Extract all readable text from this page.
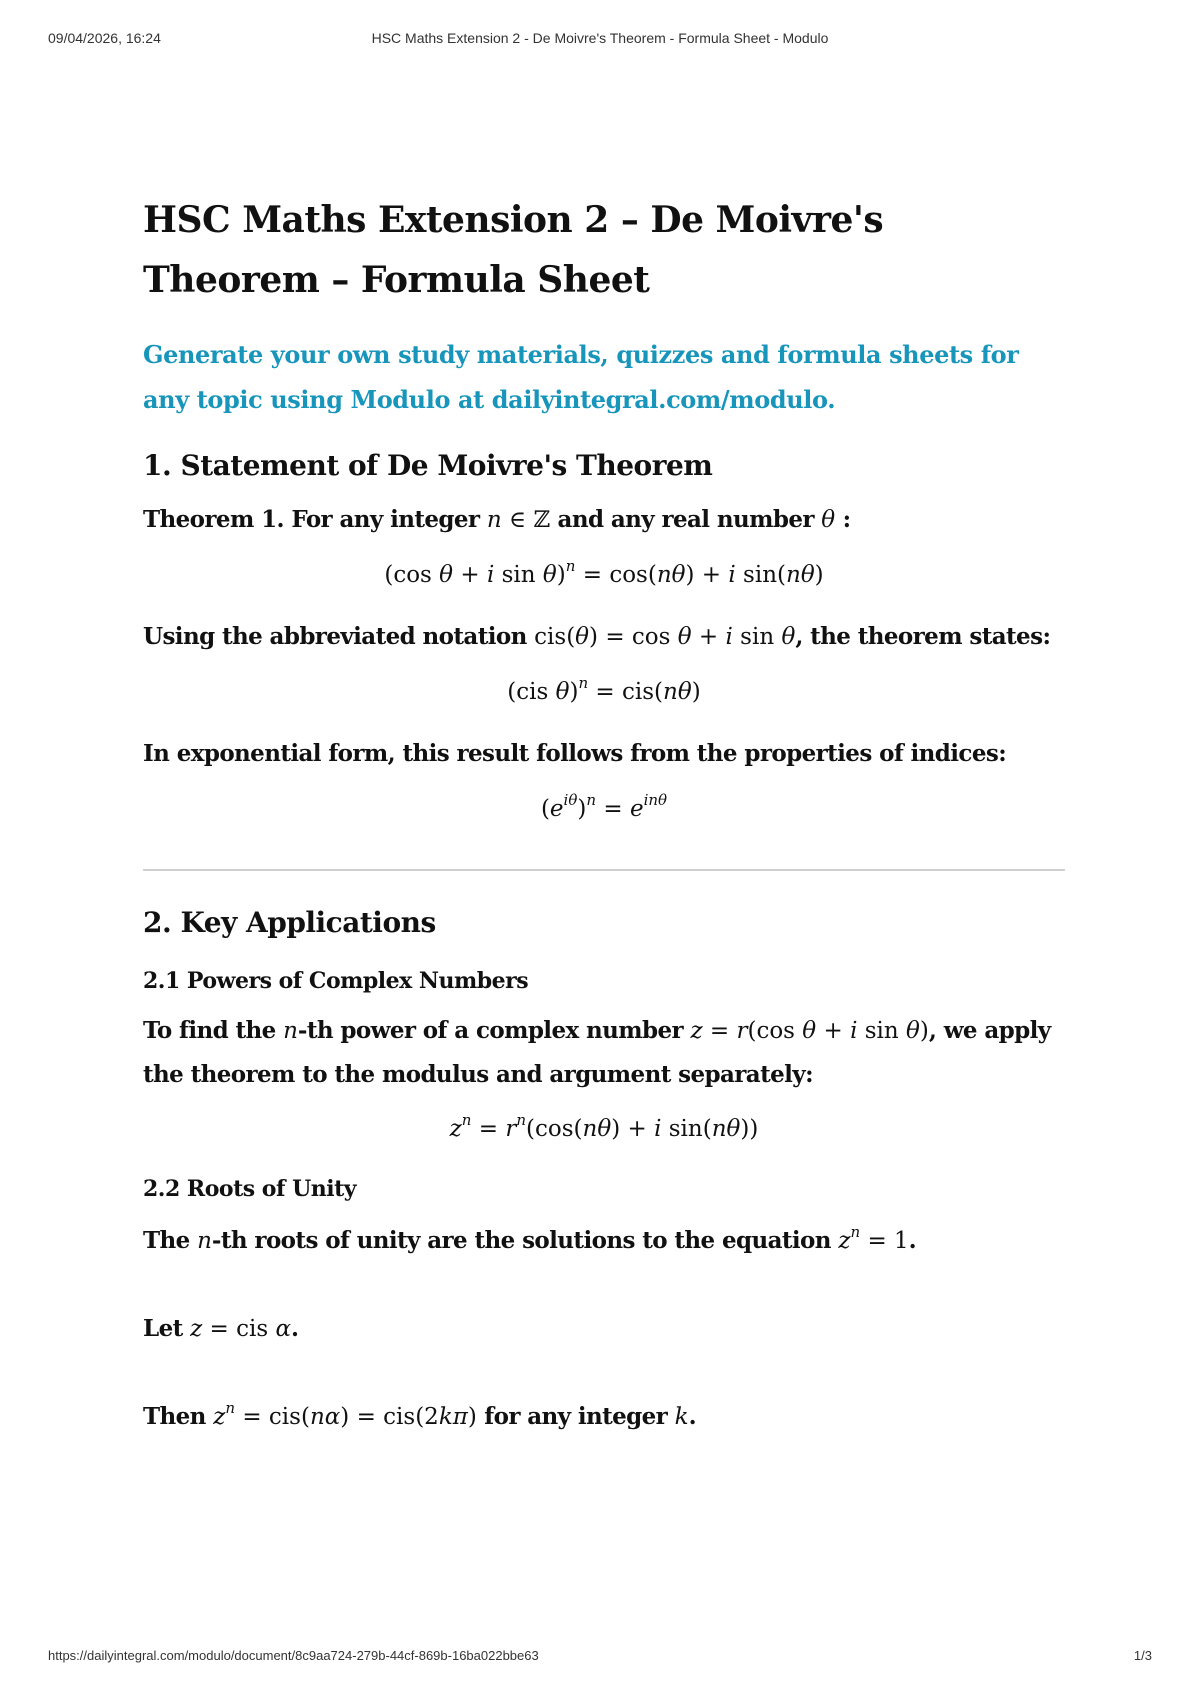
09/04/2026, 16:24	HSC Maths Extension 2 - De Moivre's Theorem - Formula Sheet - Modulo
HSC Maths Extension 2 – De Moivre's Theorem – Formula Sheet
Generate your own study materials, quizzes and formula sheets for any topic using Modulo at dailyintegral.com/modulo.
1. Statement of De Moivre's Theorem

Theorem 1. For any integer n ∈ ℤ and any real number θ :

(cos θ + i sin θ)$^n$ = cos(nθ) + i sin(nθ)

Using the abbreviated notation cis(θ) = cos θ + i sin θ, the theorem states:

(cis θ)$^n$ = cis(nθ)

In exponential form, this result follows from the properties of indices:

$(e^{i\theta})^n = e^{in\theta}$
2. Key Applications
2.1 Powers of Complex Numbers

To find the n-th power of a complex number z = r(cos θ + i sin θ), we apply the theorem to the modulus and argument separately:

$z^n = r^n(\cos(n\theta) + i$ sin(nθ))
2.2 Roots of Unity

The n-th roots of unity are the solutions to the equation $z^n = 1$.

Let z = cis α.

Then $z^n = cis(n\alpha) = cis(2k\pi)$ for any integer k.

https://dailyintegral.com/modulo/document/8c9aa724-279b-44cf-869b-16ba022bbe63	1/3
